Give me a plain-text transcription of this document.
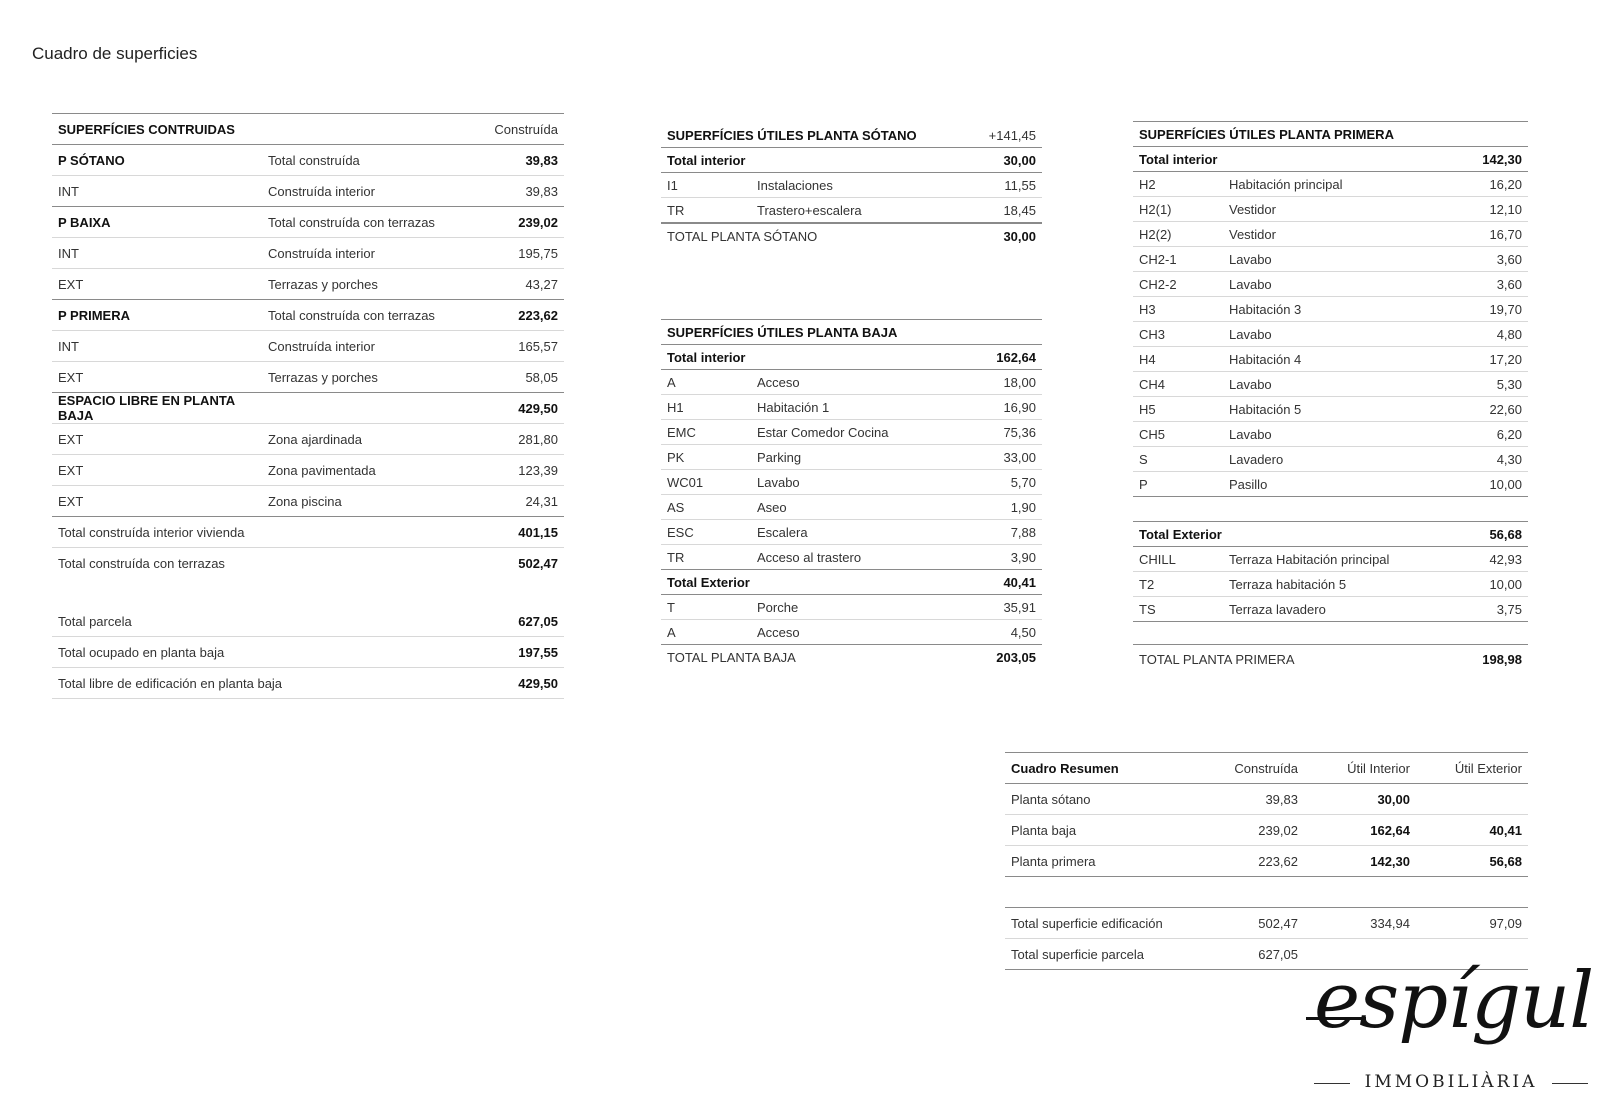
Cuadro de superficies
SUPERFÍCIES CONTRUIDAS	Construída
P SÓTANO	Total construída	39,83
INT	Construída interior	39,83
P BAIXA	Total construída con terrazas	239,02
INT	Construída interior	195,75
EXT	Terrazas y porches	43,27
P PRIMERA	Total construída con terrazas	223,62
INT	Construída interior	165,57
EXT	Terrazas y porches	58,05
ESPACIO LIBRE EN PLANTA BAJA	429,50
EXT	Zona ajardinada	281,80
EXT	Zona pavimentada	123,39
EXT	Zona piscina	24,31
Total construída interior vivienda	401,15
Total construída con terrazas	502,47
Total parcela	627,05
Total ocupado en planta baja	197,55
Total libre de edificación en planta baja	429,50
SUPERFÍCIES ÚTILES PLANTA SÓTANO	+141,45
Total interior	30,00
I1	Instalaciones	11,55
TR	Trastero+escalera	18,45
TOTAL PLANTA SÓTANO	30,00
SUPERFÍCIES ÚTILES PLANTA BAJA
Total interior	162,64
A	Acceso	18,00
H1	Habitación 1	16,90
EMC	Estar Comedor Cocina	75,36
PK	Parking	33,00
WC01	Lavabo	5,70
AS	Aseo	1,90
ESC	Escalera	7,88
TR	Acceso al trastero	3,90
Total Exterior	40,41
T	Porche	35,91
A	Acceso	4,50
TOTAL PLANTA BAJA	203,05
SUPERFÍCIES ÚTILES PLANTA PRIMERA
Total interior	142,30
H2	Habitación principal	16,20
H2(1)	Vestidor	12,10
H2(2)	Vestidor	16,70
CH2-1	Lavabo	3,60
CH2-2	Lavabo	3,60
H3	Habitación 3	19,70
CH3	Lavabo	4,80
H4	Habitación 4	17,20
CH4	Lavabo	5,30
H5	Habitación 5	22,60
CH5	Lavabo	6,20
S	Lavadero	4,30
P	Pasillo	10,00
Total Exterior	56,68
CHILL	Terraza Habitación principal	42,93
T2	Terraza habitación 5	10,00
TS	Terraza lavadero	3,75
TOTAL PLANTA PRIMERA	198,98
Cuadro Resumen	Construída	Útil Interior	Útil Exterior
Planta sótano	39,83	30,00
Planta baja	239,02	162,64	40,41
Planta primera	223,62	142,30	56,68
Total superficie edificación	502,47	334,94	97,09
Total superficie parcela	627,05
espígul
IMMOBILIÀRIA
